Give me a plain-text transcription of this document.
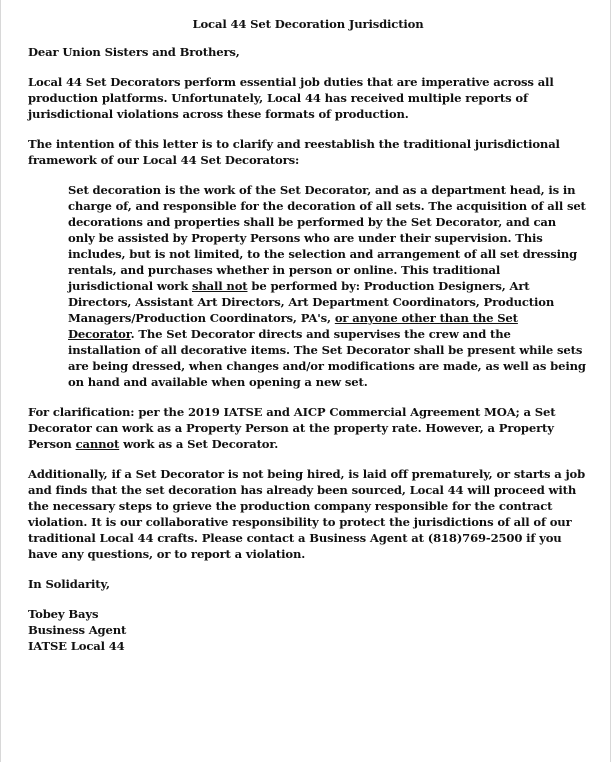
Local 44 Set Decoration Jurisdiction

Dear Union Sisters and Brothers,

Local 44 Set Decorators perform essential job duties that are imperative across all production platforms. Unfortunately, Local 44 has received multiple reports of jurisdictional violations across these formats of production.

The intention of this letter is to clarify and reestablish the traditional jurisdictional framework of our Local 44 Set Decorators:

Set decoration is the work of the Set Decorator, and as a department head, is in charge of, and responsible for the decoration of all sets. The acquisition of all set decorations and properties shall be performed by the Set Decorator, and can only be assisted by Property Persons who are under their supervision. This includes, but is not limited, to the selection and arrangement of all set dressing rentals, and purchases whether in person or online. This traditional jurisdictional work shall not be performed by: Production Designers, Art Directors, Assistant Art Directors, Art Department Coordinators, Production Managers/Production Coordinators, PA's, or anyone other than the Set Decorator. The Set Decorator directs and supervises the crew and the installation of all decorative items. The Set Decorator shall be present while sets are being dressed, when changes and/or modifications are made, as well as being on hand and available when opening a new set.

For clarification: per the 2019 IATSE and AICP Commercial Agreement MOA; a Set Decorator can work as a Property Person at the property rate. However, a Property Person cannot work as a Set Decorator.

Additionally, if a Set Decorator is not being hired, is laid off prematurely, or starts a job and finds that the set decoration has already been sourced, Local 44 will proceed with the necessary steps to grieve the production company responsible for the contract violation. It is our collaborative responsibility to protect the jurisdictions of all of our traditional Local 44 crafts. Please contact a Business Agent at (818)769-2500 if you have any questions, or to report a violation.

In Solidarity,

Tobey Bays

Business Agent

IATSE Local 44
